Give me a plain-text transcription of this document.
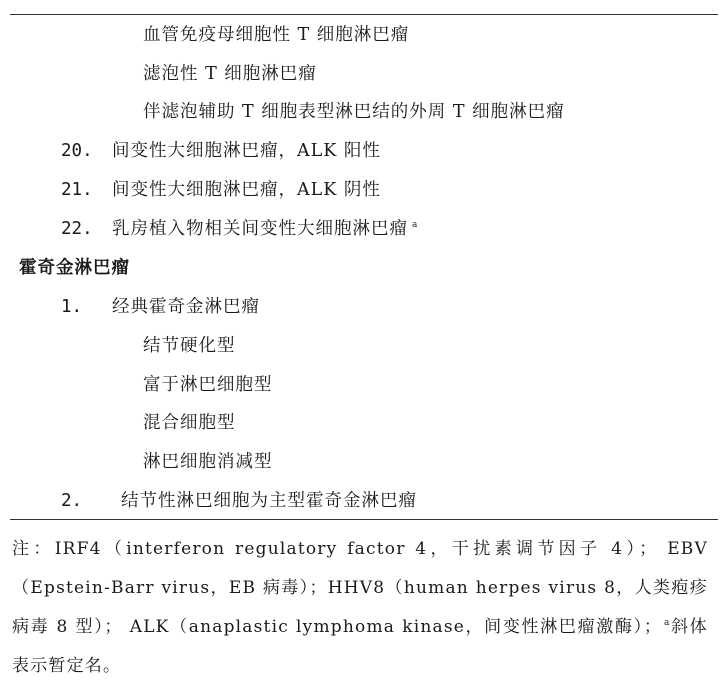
血管免疫母细胞性 T 细胞淋巴瘤
滤泡性 T 细胞淋巴瘤
伴滤泡辅助 T 细胞表型淋巴结的外周 T 细胞淋巴瘤
20. 间变性大细胞淋巴瘤，ALK 阳性
21. 间变性大细胞淋巴瘤，ALK 阴性
22. 乳房植入物相关间变性大细胞淋巴瘤 $^a$
霍奇金淋巴瘤
1. 经典霍奇金淋巴瘤
结节硬化型
富于淋巴细胞型
混合细胞型
淋巴细胞消减型
2. 结节性淋巴细胞为主型霍奇金淋巴瘤
注：IRF4（interferon regulatory factor 4，干扰素调节因子 4）； EBV（Epstein-Barr virus，EB 病毒）；HHV8（human herpes virus 8，人类疱疹病毒 8 型）； ALK（anaplastic lymphoma kinase，间变性淋巴瘤激酶）； $^a$斜体表示暂定名。
